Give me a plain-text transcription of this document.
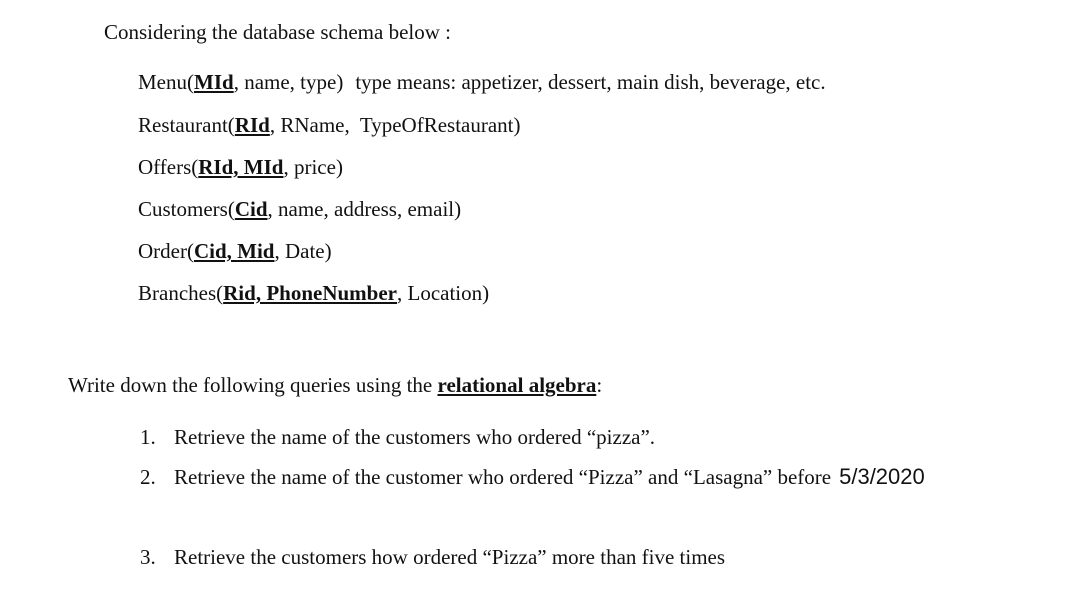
Considering the database schema below :
Menu(MId, name, type) type means: appetizer, dessert, main dish, beverage, etc.
Restaurant(RId, RName,  TypeOfRestaurant)
Offers(RId, MId, price)
Customers(Cid, name, address, email)
Order(Cid, Mid, Date)
Branches(Rid, PhoneNumber, Location)
Write down the following queries using the relational algebra:
1. Retrieve the name of the customers who ordered “pizza”.
2. Retrieve the name of the customer who ordered “Pizza” and “Lasagna” before 5/3/2020
3. Retrieve the customers how ordered “Pizza” more than five times
